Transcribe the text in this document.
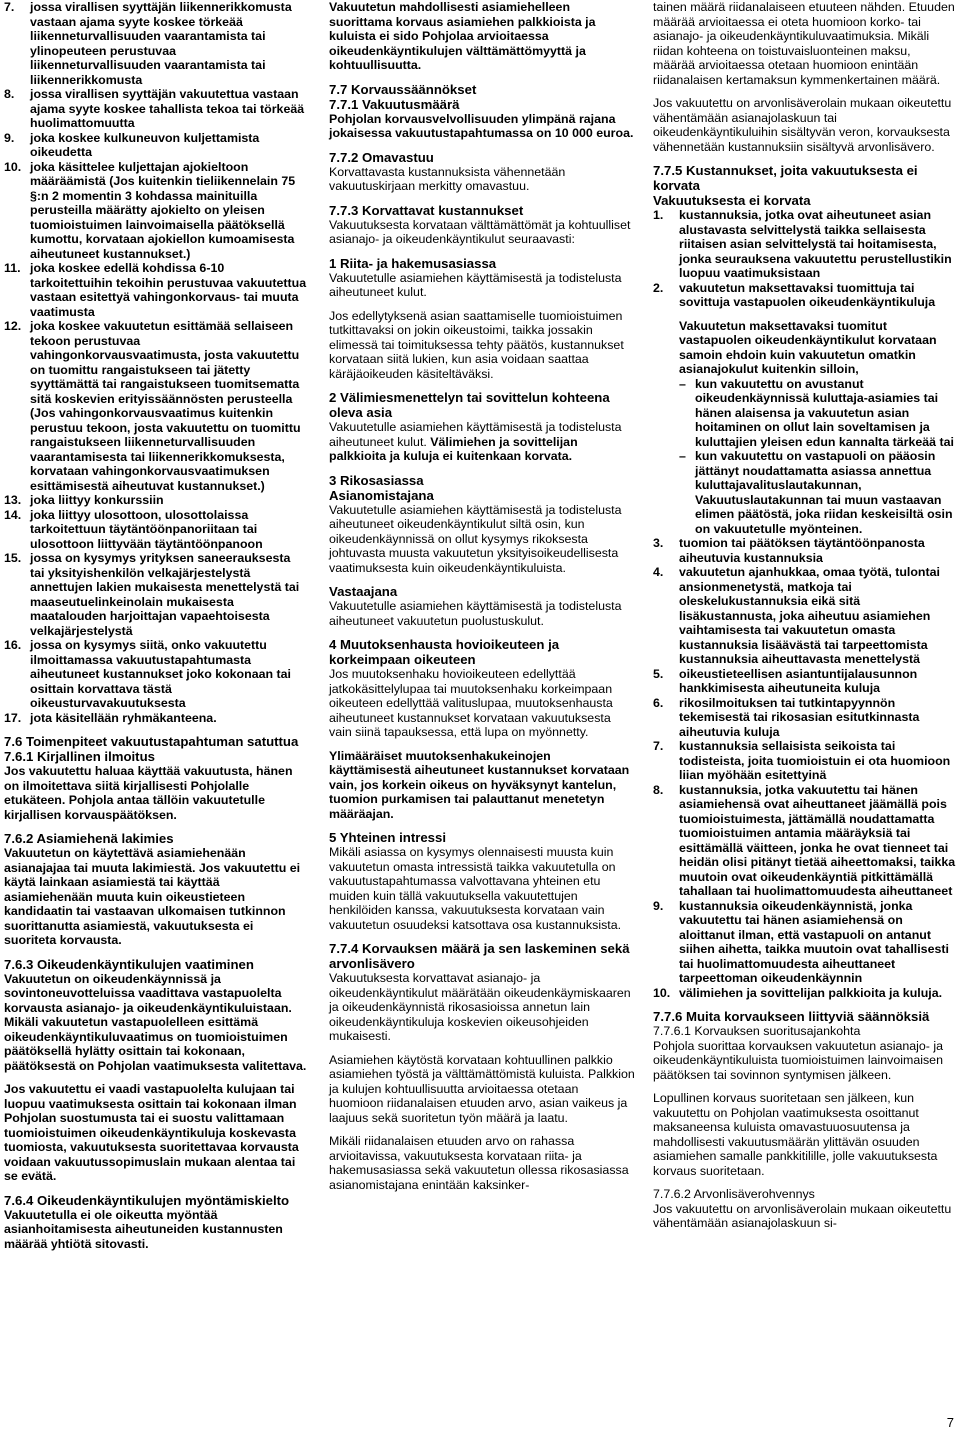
7. jossa virallisen syyttäjän liikennerikkomusta vastaan ajama syyte koskee törkeää liikenneturvallisuuden vaarantamista tai ylinopeuteen perustuvaa liikenneturvallisuuden vaarantamista tai liikennerikkomusta
8. jossa virallisen syyttäjän vakuutettua vastaan ajama syyte koskee tahallista tekoa tai törkeää huolimattomuutta
9. joka koskee kulkuneuvon kuljettamista oikeudetta
10. joka käsittelee kuljettajan ajokieltoon määräämistä (Jos kuitenkin tieliikennelain 75 §:n 2 momentin 3 kohdassa mainituilla perusteilla määrätty ajokielto on yleisen tuomioistuimen lainvoimaisella päätöksellä kumottu, korvataan ajokiellon kumoamisesta aiheutuneet kustannukset.)
11. joka koskee edellä kohdissa 6-10 tarkoitettuihin tekoihin perustuvaa vakuutettua vastaan esitettyä vahingonkorvaus- tai muuta vaatimusta
12. joka koskee vakuutetun esittämää sellaiseen tekoon perustuvaa vahingonkorvausvaatimusta, josta vakuutettu on tuomittu rangaistukseen tai jätetty syyttämättä tai rangaistukseen tuomitsematta sitä koskevien erityissäännösten perusteella (Jos vahingonkorvausvaatimus kuitenkin perustuu tekoon, josta vakuutettu on tuomittu rangaistukseen liikenneturvallisuuden vaarantamisesta tai liikennerikkomuksesta, korvataan vahingonkorvausvaatimuksen esittämisestä aiheutuvat kustannukset.)
13. joka liittyy konkurssiin
14. joka liittyy ulosottoon, ulosottolaissa tarkoitettuun täytäntöönpanoriitaan tai ulosottoon liittyvään täytäntöönpanoon
15. jossa on kysymys yrityksen saneerauksesta tai yksityishenkilön velkajärjestelystä annettujen lakien mukaisesta menettelystä tai maaseutuelinkeinolain mukaisesta maatalouden harjoittajan vapaehtoisesta velkajärjestelystä
16. jossa on kysymys siitä, onko vakuutettu ilmoittamassa vakuutustapahtumasta aiheutuneet kustannukset joko kokonaan tai osittain korvattava tästä oikeusturvavakuutuksesta
17. jota käsitellään ryhmäkanteena.
7.6 Toimenpiteet vakuutustapahtuman satuttua
7.6.1 Kirjallinen ilmoitus

Jos vakuutettu haluaa käyttää vakuutusta, hänen on ilmoitettava siitä kirjallisesti Pohjolalle etukäteen. Pohjola antaa tällöin vakuutetulle kirjallisen korvauspäätöksen.

7.6.2 Asiamiehenä lakimies

Vakuutetun on käytettävä asiamiehenään asianajajaa tai muuta lakimiestä. Jos vakuutettu ei käytä lainkaan asiamiestä tai käyttää asiamiehenään muuta kuin oikeustieteen kandidaatin tai vastaavan ulkomaisen tutkinnon suorittanutta asiamiestä, vakuutuksesta ei suoriteta korvausta.

7.6.3 Oikeudenkäyntikulujen vaatiminen

Vakuutetun on oikeudenkäynnissä ja sovintoneuvotteluissa vaadittava vastapuolelta korvausta asianajo- ja oikeudenkäyntikuluistaan. Mikäli vakuutetun vastapuolelleen esittämä oikeudenkäyntikuluvaatimus on tuomioistuimen päätöksellä hylätty osittain tai kokonaan, päätöksestä on Pohjolan vaatimuksesta valitettava.

Jos vakuutettu ei vaadi vastapuolelta kulujaan tai luopuu vaatimuksesta osittain tai kokonaan ilman Pohjolan suostumusta tai ei suostu valittamaan tuomioistuimen oikeudenkäyntikuluja koskevasta tuomiosta, vakuutuksesta suoritettavaa korvausta voidaan vakuutussopimuslain mukaan alentaa tai se evätä.

7.6.4 Oikeudenkäyntikulujen myöntämiskielto

Vakuutetulla ei ole oikeutta myöntää asianhoitamisesta aiheutuneiden kustannusten määrää yhtiötä sitovasti.

Vakuutetun mahdollisesti asiamiehelleen suorittama korvaus asiamiehen palkkioista ja kuluista ei sido Pohjolaa arvioitaessa oikeudenkäyntikulujen välttämättömyyttä ja kohtuullisuutta.

7.7 Korvaussäännökset
7.7.1 Vakuutusmäärä

Pohjolan korvausvelvollisuuden ylimpänä rajana jokaisessa vakuutustapahtumassa on 10 000 euroa.

7.7.2 Omavastuu

Korvattavasta kustannuksista vähennetään vakuutuskirjaan merkitty omavastuu.

7.7.3 Korvattavat kustannukset

Vakuutuksesta korvataan välttämättömät ja kohtuulliset asianajo- ja oikeudenkäyntikulut seuraavasti:

1 Riita- ja hakemusasiassa

Vakuutetulle asiamiehen käyttämisestä ja todistelusta aiheutuneet kulut.

Jos edellytyksenä asian saattamiselle tuomioistuimen tutkittavaksi on jokin oikeustoimi, taikka jossakin elimessä tai toimituksessa tehty päätös, kustannukset korvataan siitä lukien, kun asia voidaan saattaa käräjäoikeuden käsiteltäväksi.

2 Välimiesmenettelyn tai sovittelun kohteena oleva asia

Vakuutetulle asiamiehen käyttämisestä ja todistelusta aiheutuneet kulut. Välimiehen ja sovittelijan palkkioita ja kuluja ei kuitenkaan korvata.

3 Rikosasiassa
Asianomistajana

Vakuutetulle asiamiehen käyttämisestä ja todistelusta aiheutuneet oikeudenkäyntikulut siltä osin, kun oikeudenkäynnissä on ollut kysymys rikoksesta johtuvasta muusta vakuutetun yksityisoikeudellisesta vaatimuksesta kuin oikeudenkäyntikuluista.

Vastaajana

Vakuutetulle asiamiehen käyttämisestä ja todistelusta aiheutuneet vakuutetun puolustuskulut.

4 Muutoksenhausta hovioikeuteen ja korkeimpaan oikeuteen

Jos muutoksenhaku hovioikeuteen edellyttää jatkokäsittelylupaa tai muutoksenhaku korkeimpaan oikeuteen edellyttää valituslupaa, muutoksenhausta aiheutuneet kustannukset korvataan vakuutuksesta vain siinä tapauksessa, että lupa on myönnetty.

Ylimääräiset muutoksenhakukeinojen käyttämisestä aiheutuneet kustannukset korvataan vain, jos korkein oikeus on hyväksynyt kantelun, tuomion purkamisen tai palauttanut menetetyn määräajan.

5 Yhteinen intressi

Mikäli asiassa on kysymys olennaisesti muusta kuin vakuutetun omasta intressistä taikka vakuutetulla on vakuutustapahtumassa valvottavana yhteinen etu muiden kuin tällä vakuutuksella vakuutettujen henkilöiden kanssa, vakuutuksesta korvataan vain vakuutetun osuudeksi katsottava osa kustannuksista.

7.7.4 Korvauksen määrä ja sen laskeminen sekä arvonlisävero

Vakuutuksesta korvattavat asianajo- ja oikeudenkäyntikulut määrätään oikeudenkäymiskaaren ja oikeudenkäynnistä rikosasioissa annetun lain oikeudenkäyntikuluja koskevien oikeusohjeiden mukaisesti.

Asiamiehen käytöstä korvataan kohtuullinen palkkio asiamiehen työstä ja välttämättömistä kuluista. Palkkion ja kulujen kohtuullisuutta arvioitaessa otetaan huomioon riidanalaisen etuuden arvo, asian vaikeus ja laajuus sekä suoritetun työn määrä ja laatu.

Mikäli riidanalaisen etuuden arvo on rahassa arvioitavissa, vakuutuksesta korvataan riita- ja hakemusasiassa sekä vakuutetun ollessa rikosasiassa asianomistajana enintään kaksinker-

tainen määrä riidanalaiseen etuuteen nähden. Etuuden määrää arvioitaessa ei oteta huomioon korko- tai asianajo- ja oikeudenkäyntikuluvaatimuksia. Mikäli riidan kohteena on toistuvaisluonteinen maksu, määrää arvioitaessa otetaan huomioon enintään riidanalaisen kertamaksun kymmenkertainen määrä.

Jos vakuutettu on arvonlisäverolain mukaan oikeutettu vähentämään asianajolaskuun tai oikeudenkäyntikuluihin sisältyvän veron, korvauksesta vähennetään kustannuksiin sisältyvä arvonlisävero.

7.7.5 Kustannukset, joita vakuutuksesta ei korvata
Vakuutuksesta ei korvata
1. kustannuksia, jotka ovat aiheutuneet asian alustavasta selvittelystä taikka sellaisesta riitaisen asian selvittelystä tai hoitamisesta, jonka seurauksena vakuutettu perustellustikin luopuu vaatimuksistaan
2. vakuutetun maksettavaksi tuomittuja tai sovittuja vastapuolen oikeudenkäyntikuluja

Vakuutetun maksettavaksi tuomitut vastapuolen oikeudenkäyntikulut korvataan samoin ehdoin kuin vakuutetun omatkin asianajokulut kuitenkin silloin,

– kun vakuutettu on avustanut oikeudenkäynnissä kuluttaja-asiamies tai hänen alaisensa ja vakuutetun asian hoitaminen on ollut lain soveltamisen ja kuluttajien yleisen edun kannalta tärkeää tai
– kun vakuutettu on vastapuoli on pääosin jättänyt noudattamatta asiassa annettua kuluttajavalituslautakunnan, Vakuutuslautakunnan tai muun vastaavan elimen päätöstä, joka riidan keskeisiltä osin on vakuutetulle myönteinen.
3. tuomion tai päätöksen täytäntöönpanosta aiheutuvia kustannuksia
4. vakuutetun ajanhukkaa, omaa työtä, tulontai ansionmenetystä, matkoja tai oleskelukustannuksia eikä sitä lisäkustannusta, joka aiheutuu asiamiehen vaihtamisesta tai vakuutetun omasta kustannuksia lisäävästä tai tarpeettomista kustannuksia aiheuttavasta menettelystä
5. oikeustieteellisen asiantuntijalausunnon hankkimisesta aiheutuneita kuluja
6. rikosilmoituksen tai tutkintapyynnön tekemisestä tai rikosasian esitutkinnasta aiheutuvia kuluja
7. kustannuksia sellaisista seikoista tai todisteista, joita tuomioistuin ei ota huomioon liian myöhään esitettyinä
8. kustannuksia, jotka vakuutettu tai hänen asiamiehensä ovat aiheuttaneet jäämällä pois tuomioistuimesta, jättämällä noudattamatta tuomioistuimen antamia määräyksiä tai esittämällä väitteen, jonka he ovat tienneet tai heidän olisi pitänyt tietää aiheettomaksi, taikka muutoin ovat oikeudenkäyntiä pitkittämällä tahallaan tai huolimattomuudesta aiheuttaneet
9. kustannuksia oikeudenkäynnistä, jonka vakuutettu tai hänen asiamiehensä on aloittanut ilman, että vastapuoli on antanut siihen aihetta, taikka muutoin ovat tahallisesti tai huolimattomuudesta aiheuttaneet tarpeettoman oikeudenkäynnin
10. välimiehen ja sovittelijan palkkioita ja kuluja.
7.7.6 Muita korvaukseen liittyviä säännöksiä
7.7.6.1 Korvauksen suoritusajankohta

Pohjola suorittaa korvauksen vakuutetun asianajo- ja oikeudenkäyntikuluista tuomioistuimen lainvoimaisen päätöksen tai sovinnon syntymisen jälkeen.

Lopullinen korvaus suoritetaan sen jälkeen, kun vakuutettu on Pohjolan vaatimuksesta osoittanut maksaneensa kuluista omavastuuosuutensa ja mahdollisesti vakuutusmäärän ylittävän osuuden asiamiehen samalle pankkitilille, jolle vakuutuksesta korvaus suoritetaan.

7.7.6.2 Arvonlisäverohvennys

Jos vakuutettu on arvonlisäverolain mukaan oikeutettu vähentämään asianajolaskuun si-

7
